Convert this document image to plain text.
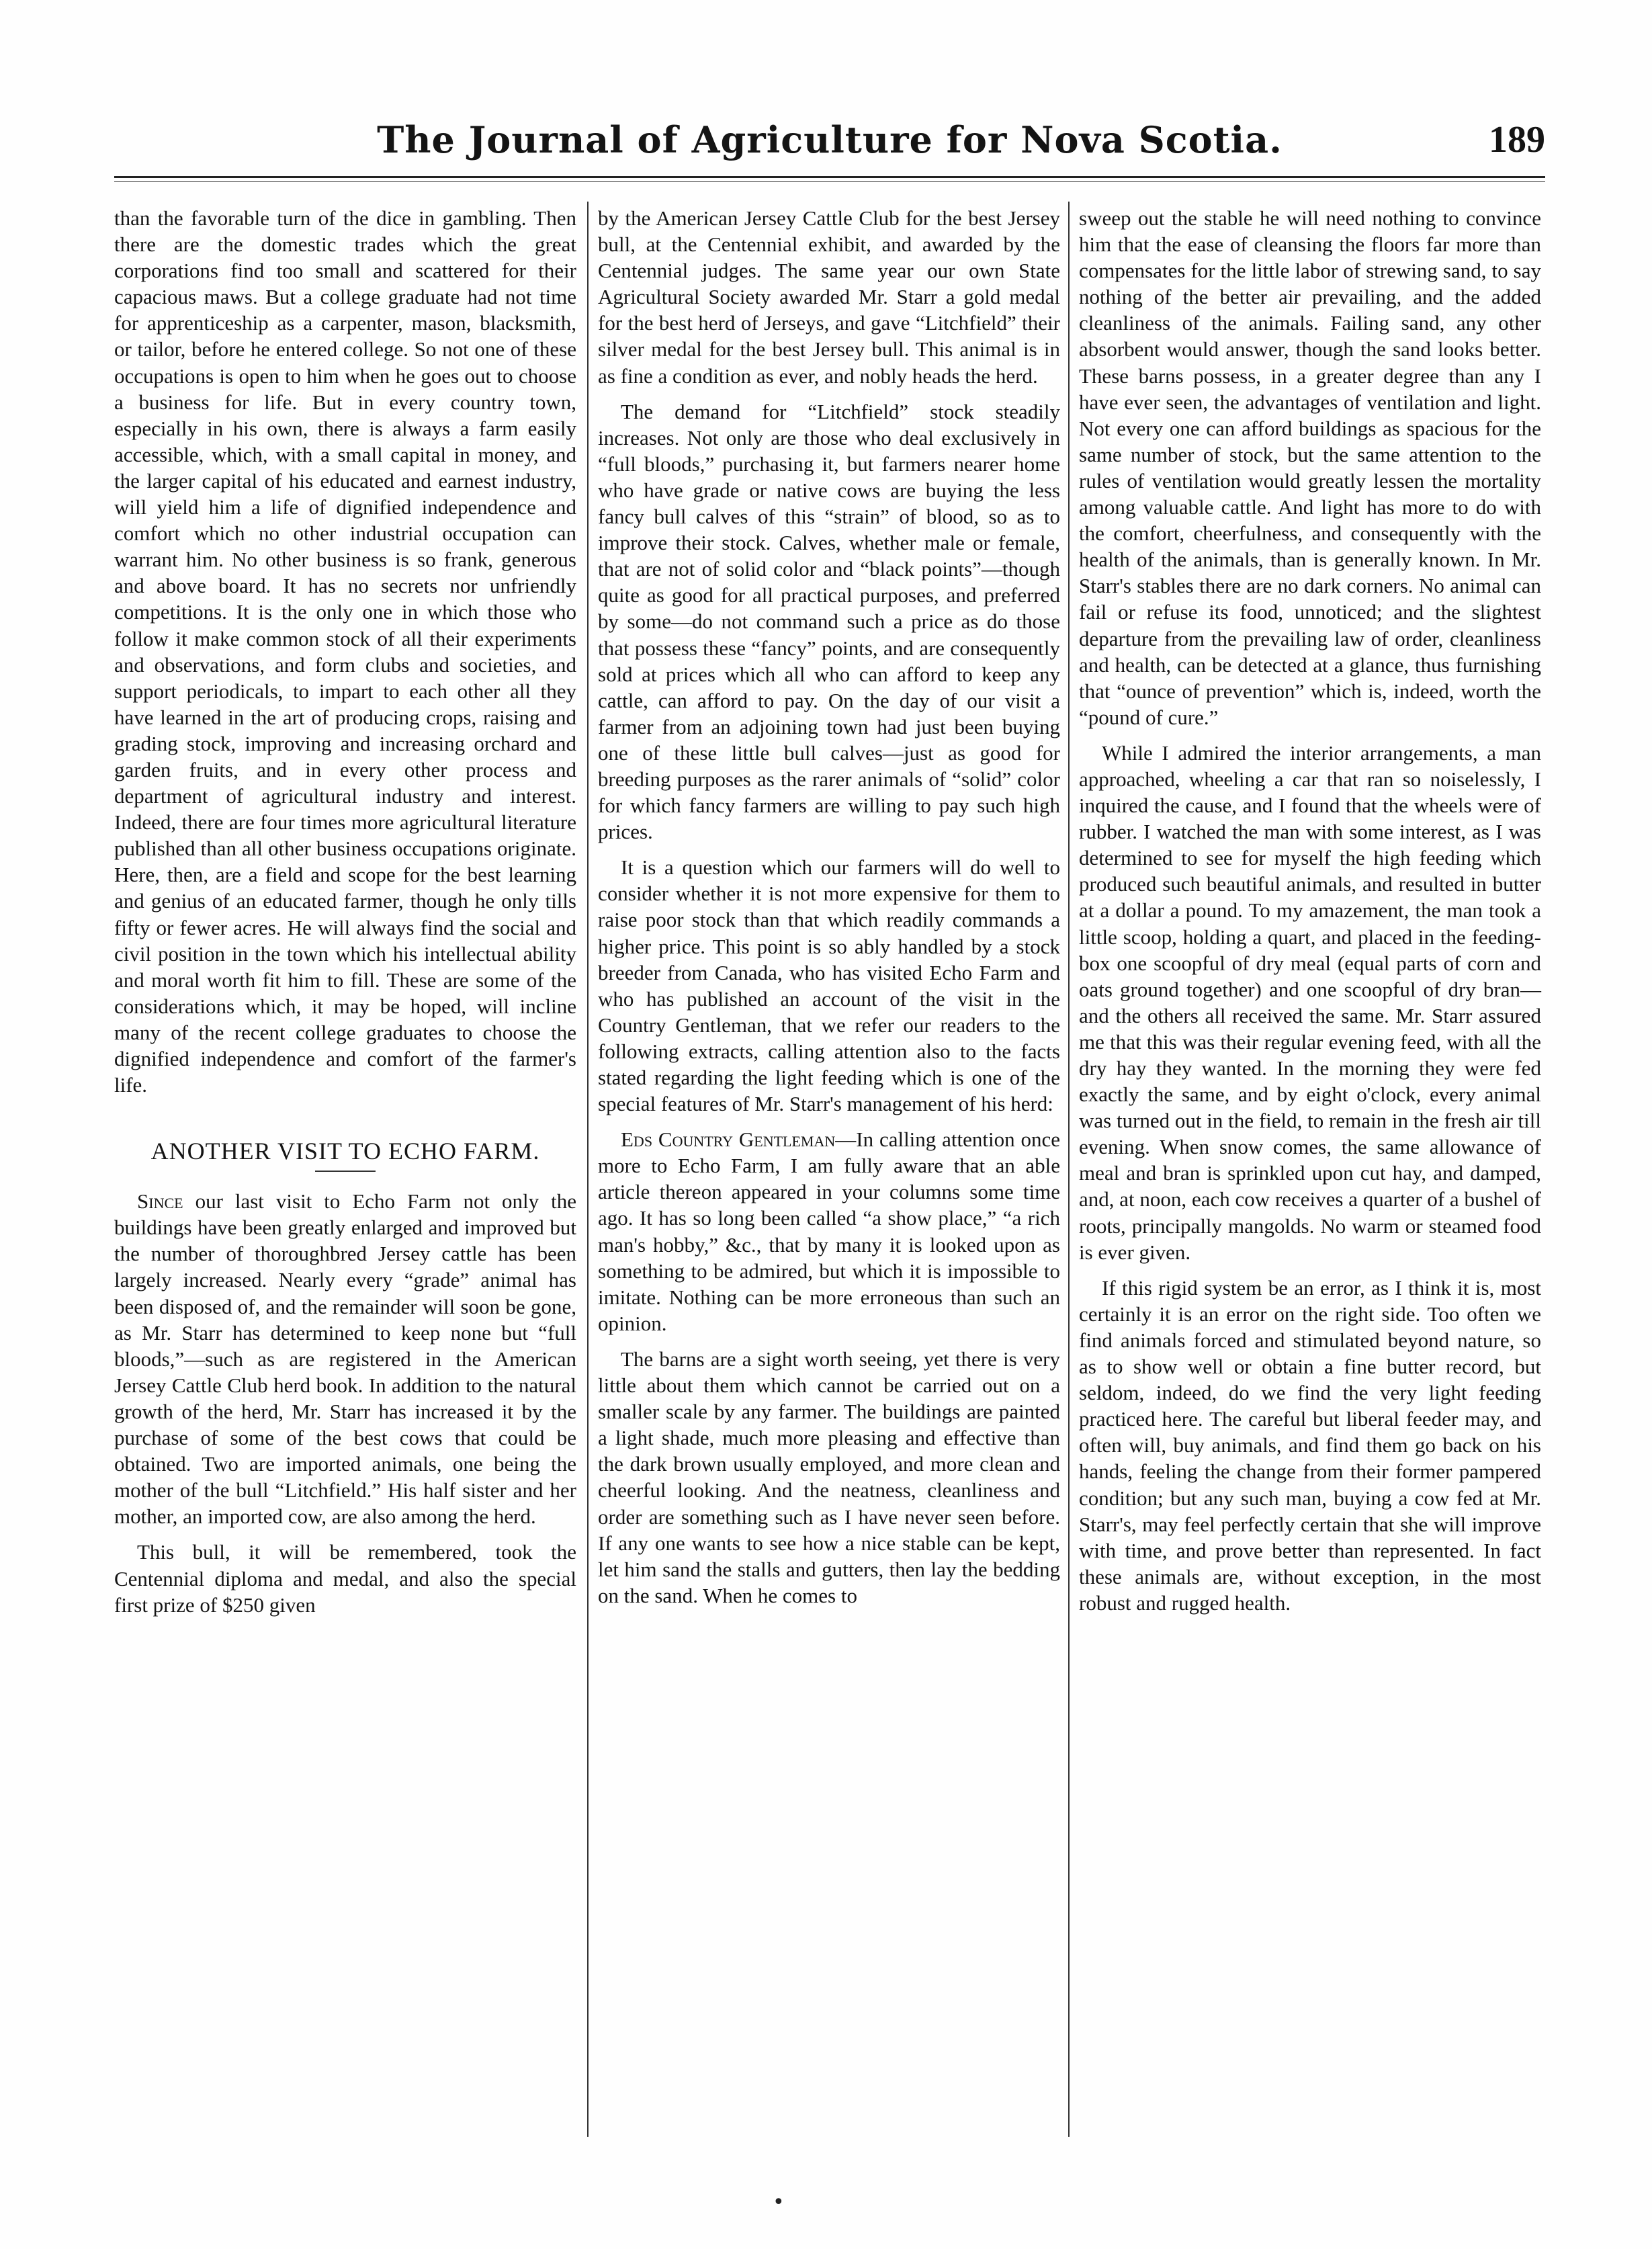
The Journal of Agriculture for Nova Scotia.	189

than the favorable turn of the dice in gambling. Then there are the domestic trades which the great corporations find too small and scattered for their capacious maws. But a college graduate had not time for apprenticeship as a carpenter, mason, blacksmith, or tailor, before he entered college. So not one of these occupations is open to him when he goes out to choose a business for life. But in every country town, especially in his own, there is always a farm easily accessible, which, with a small capital in money, and the larger capital of his educated and earnest industry, will yield him a life of dignified independence and comfort which no other industrial occupation can warrant him. No other business is so frank, generous and above board. It has no secrets nor unfriendly competitions. It is the only one in which those who follow it make common stock of all their experiments and observations, and form clubs and societies, and support periodicals, to impart to each other all they have learned in the art of producing crops, raising and grading stock, improving and increasing orchard and garden fruits, and in every other process and department of agricultural industry and interest. Indeed, there are four times more agricultural literature published than all other business occupations originate. Here, then, are a field and scope for the best learning and genius of an educated farmer, though he only tills fifty or fewer acres. He will always find the social and civil position in the town which his intellectual ability and moral worth fit him to fill. These are some of the considerations which, it may be hoped, will incline many of the recent college graduates to choose the dignified independence and comfort of the farmer's life.

ANOTHER VISIT TO ECHO FARM.

Since our last visit to Echo Farm not only the buildings have been greatly enlarged and improved but the number of thoroughbred Jersey cattle has been largely increased. Nearly every “grade” animal has been disposed of, and the remainder will soon be gone, as Mr. Starr has determined to keep none but “full bloods,”—such as are registered in the American Jersey Cattle Club herd book. In addition to the natural growth of the herd, Mr. Starr has increased it by the purchase of some of the best cows that could be obtained. Two are imported animals, one being the mother of the bull “Litchfield.” His half sister and her mother, an imported cow, are also among the herd.

This bull, it will be remembered, took the Centennial diploma and medal, and also the special first prize of $250 given

by the American Jersey Cattle Club for the best Jersey bull, at the Centennial exhibit, and awarded by the Centennial judges. The same year our own State Agricultural Society awarded Mr. Starr a gold medal for the best herd of Jerseys, and gave “Litchfield” their silver medal for the best Jersey bull. This animal is in as fine a condition as ever, and nobly heads the herd.

The demand for “Litchfield” stock steadily increases. Not only are those who deal exclusively in “full bloods,” purchasing it, but farmers nearer home who have grade or native cows are buying the less fancy bull calves of this “strain” of blood, so as to improve their stock. Calves, whether male or female, that are not of solid color and “black points”—though quite as good for all practical purposes, and preferred by some—do not command such a price as do those that possess these “fancy” points, and are consequently sold at prices which all who can afford to keep any cattle, can afford to pay. On the day of our visit a farmer from an adjoining town had just been buying one of these little bull calves—just as good for breeding purposes as the rarer animals of “solid” color for which fancy farmers are willing to pay such high prices.

It is a question which our farmers will do well to consider whether it is not more expensive for them to raise poor stock than that which readily commands a higher price. This point is so ably handled by a stock breeder from Canada, who has visited Echo Farm and who has published an account of the visit in the Country Gentleman, that we refer our readers to the following extracts, calling attention also to the facts stated regarding the light feeding which is one of the special features of Mr. Starr's management of his herd:

Eds Country Gentleman—In calling attention once more to Echo Farm, I am fully aware that an able article thereon appeared in your columns some time ago. It has so long been called “a show place,” “a rich man's hobby,” &c., that by many it is looked upon as something to be admired, but which it is impossible to imitate. Nothing can be more erroneous than such an opinion.

The barns are a sight worth seeing, yet there is very little about them which cannot be carried out on a smaller scale by any farmer. The buildings are painted a light shade, much more pleasing and effective than the dark brown usually employed, and more clean and cheerful looking. And the neatness, cleanliness and order are something such as I have never seen before. If any one wants to see how a nice stable can be kept, let him sand the stalls and gutters, then lay the bedding on the sand. When he comes to

sweep out the stable he will need nothing to convince him that the ease of cleansing the floors far more than compensates for the little labor of strewing sand, to say nothing of the better air prevailing, and the added cleanliness of the animals. Failing sand, any other absorbent would answer, though the sand looks better. These barns possess, in a greater degree than any I have ever seen, the advantages of ventilation and light. Not every one can afford buildings as spacious for the same number of stock, but the same attention to the rules of ventilation would greatly lessen the mortality among valuable cattle. And light has more to do with the comfort, cheerfulness, and consequently with the health of the animals, than is generally known. In Mr. Starr's stables there are no dark corners. No animal can fail or refuse its food, unnoticed; and the slightest departure from the prevailing law of order, cleanliness and health, can be detected at a glance, thus furnishing that “ounce of prevention” which is, indeed, worth the “pound of cure.”

While I admired the interior arrangements, a man approached, wheeling a car that ran so noiselessly, I inquired the cause, and I found that the wheels were of rubber. I watched the man with some interest, as I was determined to see for myself the high feeding which produced such beautiful animals, and resulted in butter at a dollar a pound. To my amazement, the man took a little scoop, holding a quart, and placed in the feeding-box one scoopful of dry meal (equal parts of corn and oats ground together) and one scoopful of dry bran—and the others all received the same. Mr. Starr assured me that this was their regular evening feed, with all the dry hay they wanted. In the morning they were fed exactly the same, and by eight o'clock, every animal was turned out in the field, to remain in the fresh air till evening. When snow comes, the same allowance of meal and bran is sprinkled upon cut hay, and damped, and, at noon, each cow receives a quarter of a bushel of roots, principally mangolds. No warm or steamed food is ever given.

If this rigid system be an error, as I think it is, most certainly it is an error on the right side. Too often we find animals forced and stimulated beyond nature, so as to show well or obtain a fine butter record, but seldom, indeed, do we find the very light feeding practiced here. The careful but liberal feeder may, and often will, buy animals, and find them go back on his hands, feeling the change from their former pampered condition; but any such man, buying a cow fed at Mr. Starr's, may feel perfectly certain that she will improve with time, and prove better than represented. In fact these animals are, without exception, in the most robust and rugged health.

•
